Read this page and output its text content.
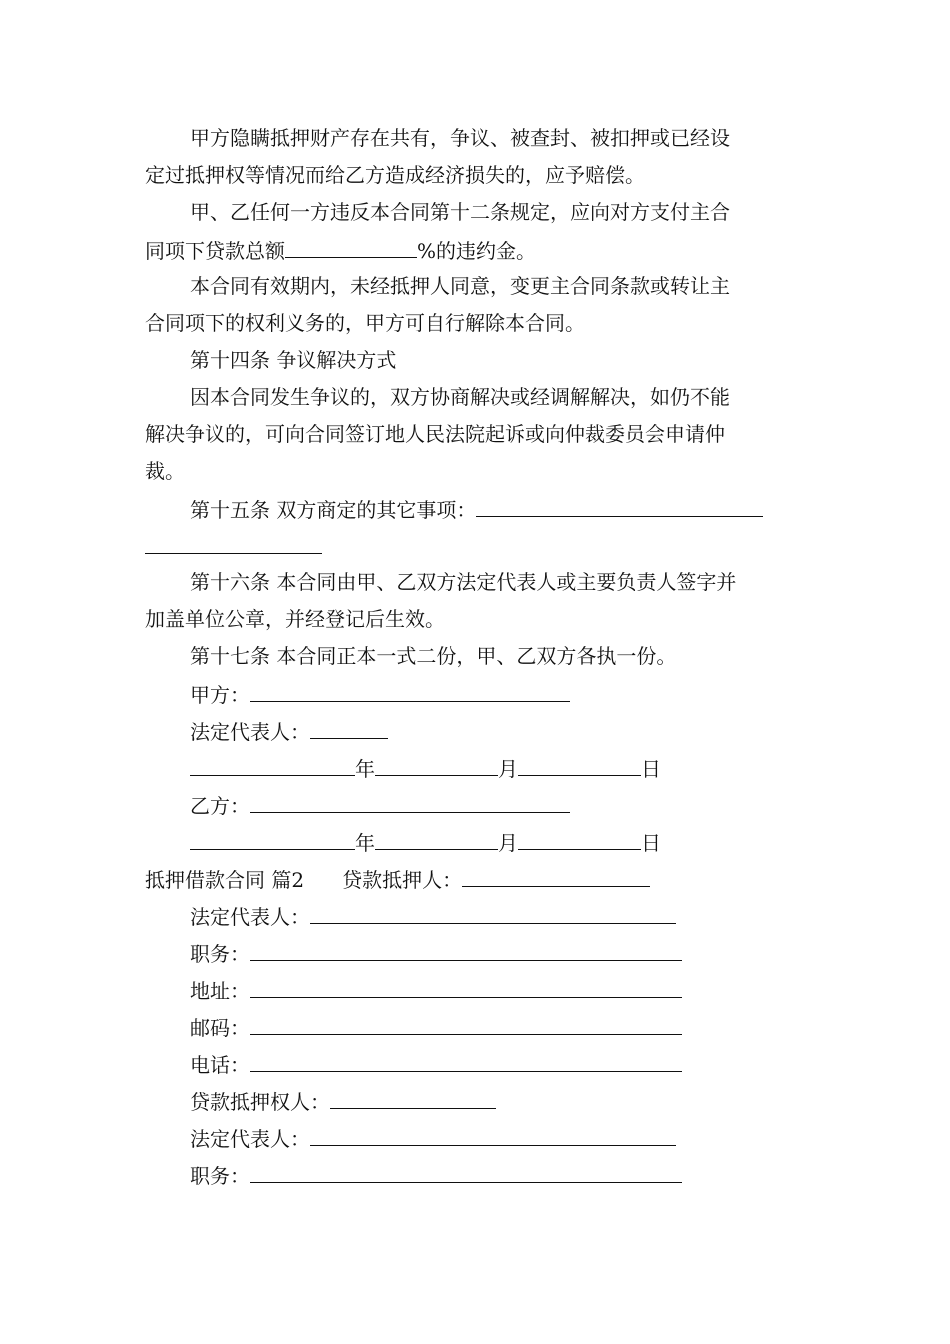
甲方隐瞒抵押财产存在共有，争议、被查封、被扣押或已经设
定过抵押权等情况而给乙方造成经济损失的，应予赔偿。
甲、乙任何一方违反本合同第十二条规定，应向对方支付主合
同项下贷款总额	%的违约金。
本合同有效期内，未经抵押人同意，变更主合同条款或转让主
合同项下的权利义务的，甲方可自行解除本合同。
第十四条 争议解决方式
因本合同发生争议的，双方协商解决或经调解解决，如仍不能
解决争议的，可向合同签订地人民法院起诉或向仲裁委员会申请仲
裁。
第十五条 双方商定的其它事项：
第十六条 本合同由甲、乙双方法定代表人或主要负责人签字并
加盖单位公章，并经登记后生效。
第十七条 本合同正本一式二份，甲、乙双方各执一份。
甲方：
法定代表人：
年	月	日
乙方：
年	月	日
抵押借款合同 篇2 贷款抵押人：
法定代表人：
职务：
地址：
邮码：
电话：
贷款抵押权人：
法定代表人：
职务：
